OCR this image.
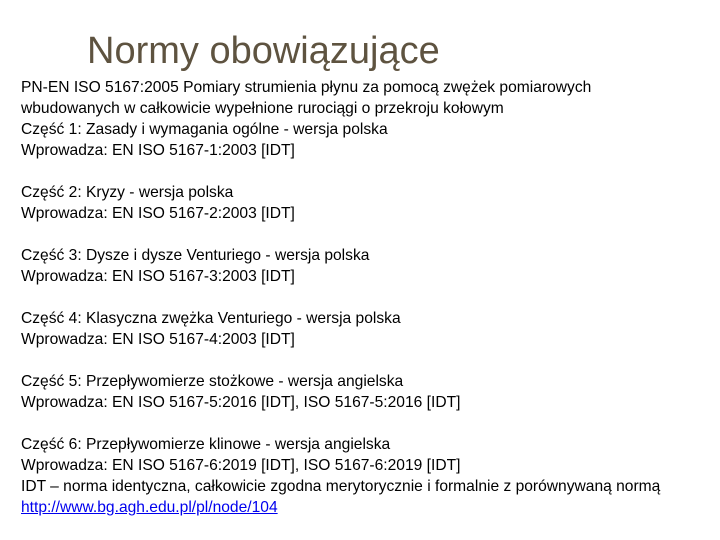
Normy obowiązujące
PN-EN ISO 5167:2005 Pomiary strumienia płynu za pomocą zwężek pomiarowych
wbudowanych w całkowicie wypełnione rurociągi o przekroju kołowym
Część 1: Zasady i wymagania ogólne - wersja polska
Wprowadza: EN ISO 5167-1:2003 [IDT]
Część 2: Kryzy - wersja polska
Wprowadza: EN ISO 5167-2:2003 [IDT]
Część 3: Dysze i dysze Venturiego - wersja polska
Wprowadza: EN ISO 5167-3:2003 [IDT]
Część 4: Klasyczna zwężka Venturiego - wersja polska
Wprowadza: EN ISO 5167-4:2003 [IDT]
Część 5: Przepływomierze stożkowe - wersja angielska
Wprowadza: EN ISO 5167-5:2016 [IDT], ISO 5167-5:2016 [IDT]
Część 6: Przepływomierze klinowe - wersja angielska
Wprowadza: EN ISO 5167-6:2019 [IDT], ISO 5167-6:2019 [IDT]
IDT – norma identyczna, całkowicie zgodna merytorycznie i formalnie z porównywaną normą
http://www.bg.agh.edu.pl/pl/node/104
